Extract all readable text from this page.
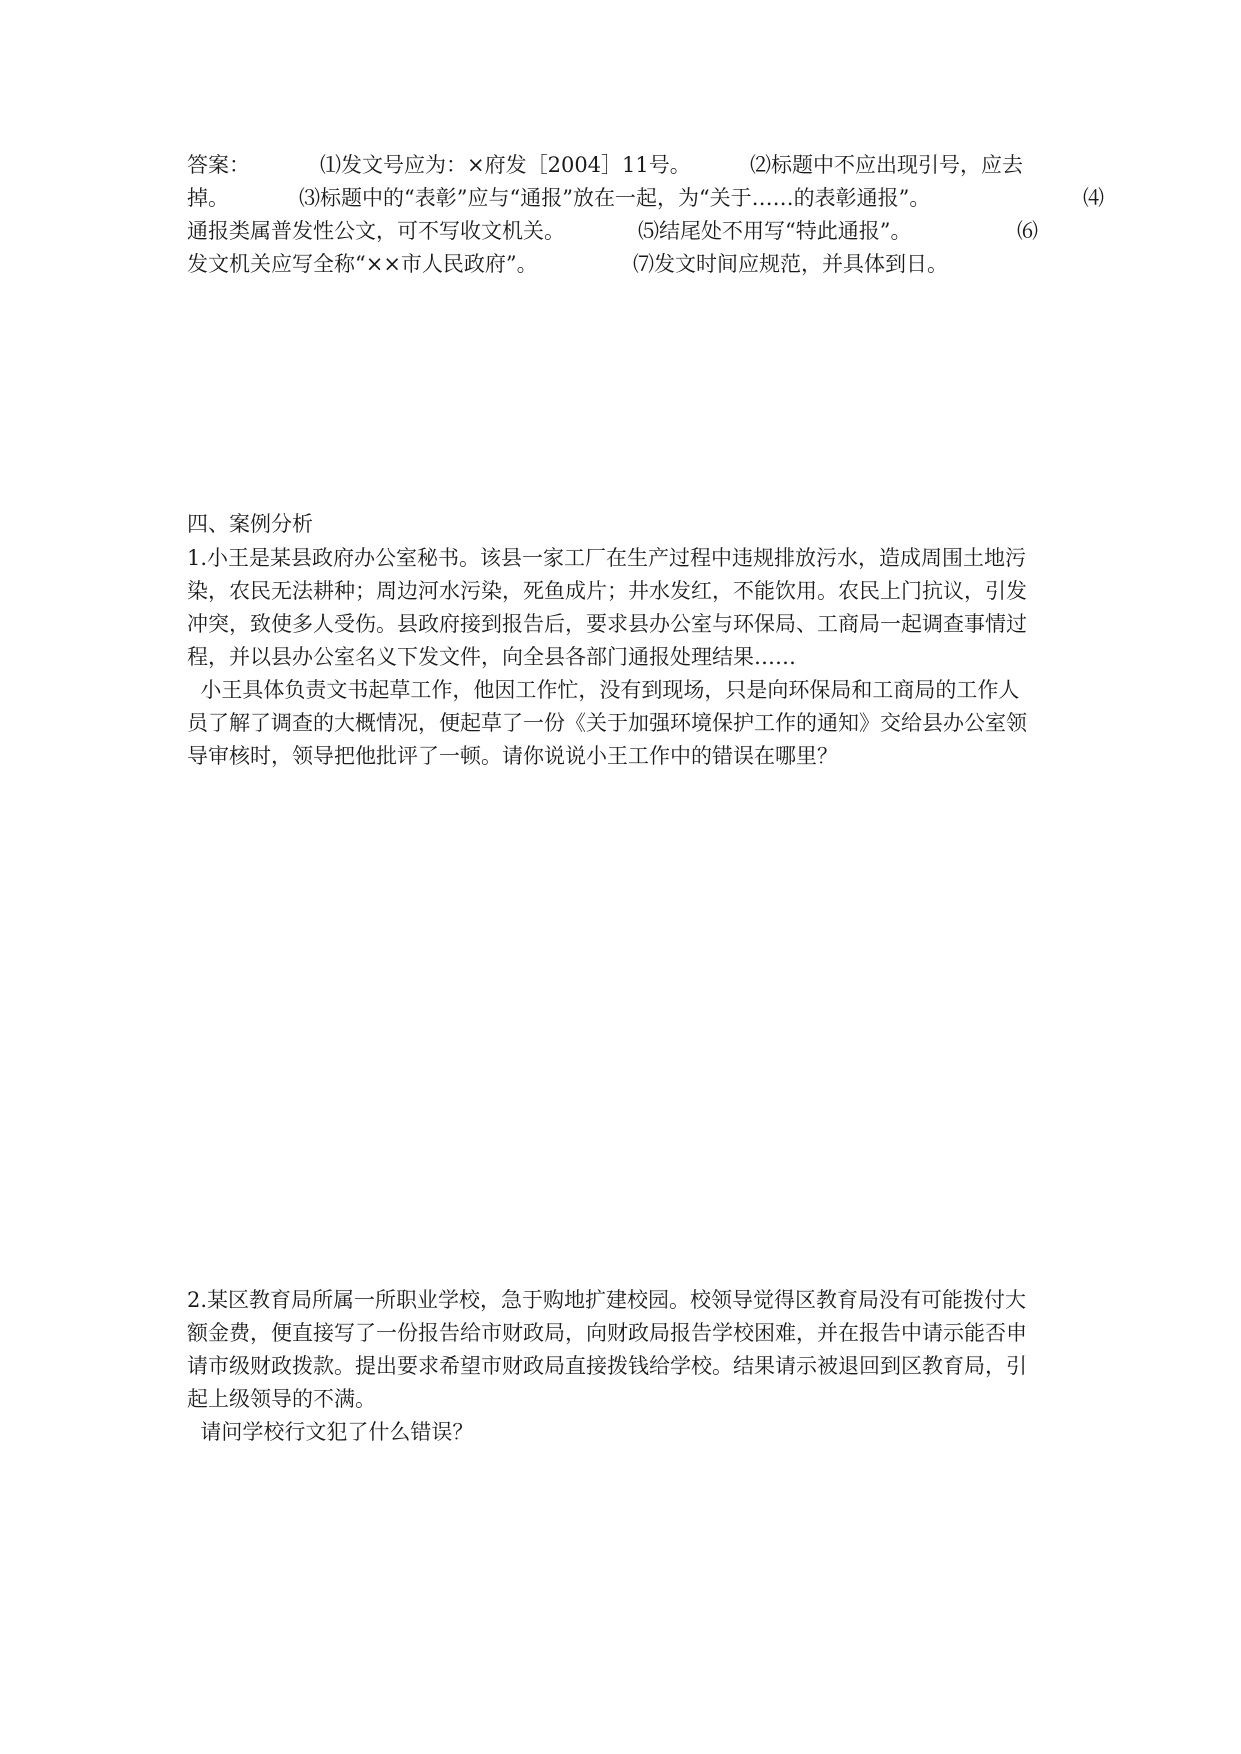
答案：

	⑴发文号应为：×府发［2004］11号。

	⑵标题中不应出现引号，应去

掉。

	⑶标题中的“表彰”应与“通报”放在一起，为“关于……的表彰通报”。

	⑷

通报类属普发性公文，可不写收文机关。

	⑸结尾处不用写“特此通报”。

	⑹

发文机关应写全称“××市人民政府”。

	⑺发文时间应规范，并具体到日。

四、案例分析
1.小王是某县政府办公室秘书。该县一家工厂在生产过程中违规排放污水，造成周围土地污
染，农民无法耕种；周边河水污染，死鱼成片；井水发红，不能饮用。农民上门抗议，引发
冲突，致使多人受伤。县政府接到报告后，要求县办公室与环保局、工商局一起调查事情过
程，并以县办公室名义下发文件，向全县各部门通报处理结果……
小王具体负责文书起草工作，他因工作忙，没有到现场，只是向环保局和工商局的工作人
员了解了调查的大概情况，便起草了一份《关于加强环境保护工作的通知》交给县办公室领
导审核时，领导把他批评了一顿。请你说说小王工作中的错误在哪里？
2.某区教育局所属一所职业学校，急于购地扩建校园。校领导觉得区教育局没有可能拨付大
额金费，便直接写了一份报告给市财政局，向财政局报告学校困难，并在报告中请示能否申
请市级财政拨款。提出要求希望市财政局直接拨钱给学校。结果请示被退回到区教育局，引
起上级领导的不满。
请问学校行文犯了什么错误？
